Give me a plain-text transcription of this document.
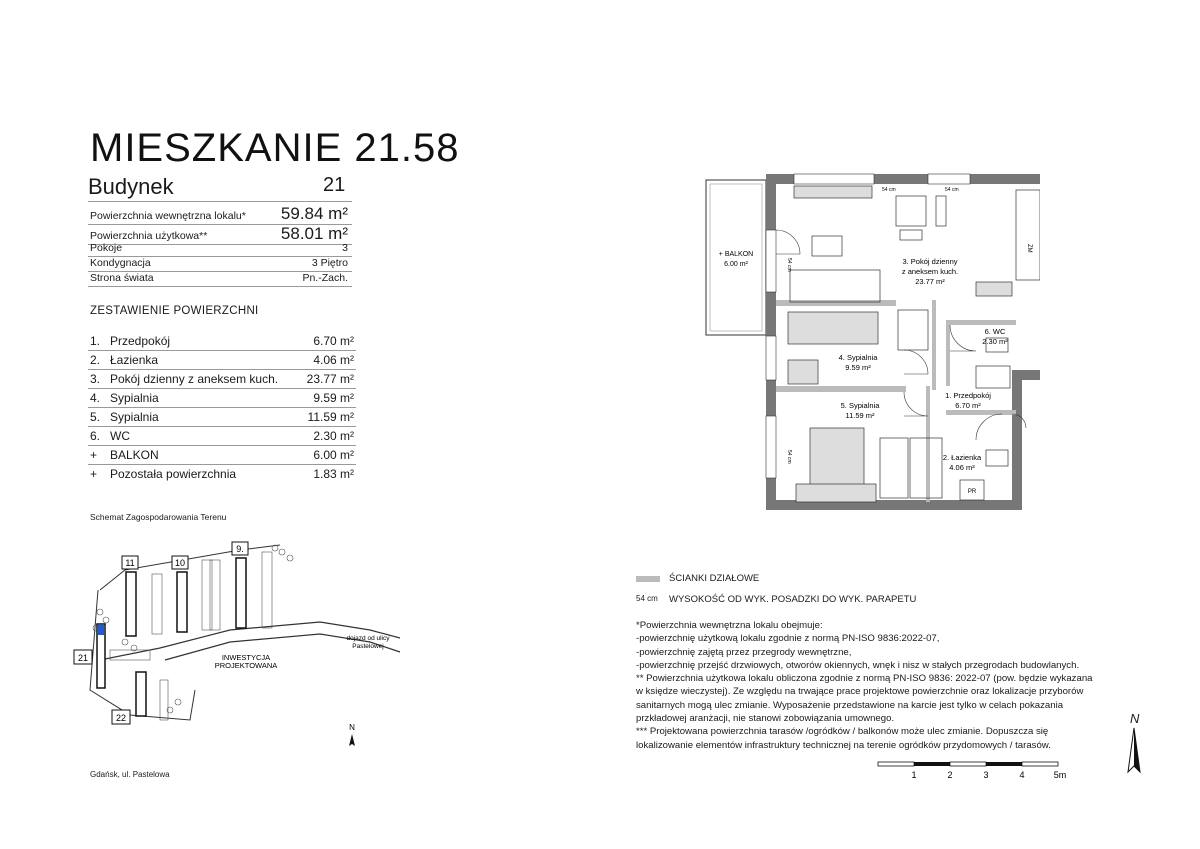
MIESZKANIE 21.58
Budynek	21
Powierzchnia wewnętrzna lokalu* 59.84 m²
Powierzchnia użytkowa**	58.01 m²
Pokoje	3
Kondygnacja	3 Piętro
Strona świata	Pn.-Zach.
ZESTAWIENIE POWIERZCHNI
1. Przedpokój	6.70 m²
2. Łazienka	4.06 m²
3. Pokój dzienny z aneksem kuch. 23.77 m²
4. Sypialnia	9.59 m²
5. Sypialnia	11.59 m²
6. WC	2.30 m²
+ BALKON	6.00 m²
+ Pozostała powierzchnia	1.83 m²
Schemat Zagospodarowania Terenu
11	10
9.
21
22
INWESTYCJA
PROJEKTOWANA
dojazd od ulicy
Pastelowej
N
Gdańsk, ul. Pastelowa
+ BALKON
6.00 m²	3. Pokój dzienny
z aneksem kuch.
23.77 m²
6. WC
2.30 m²
4. Sypialnia
9.59 m²
1. Przedpokój
6.70 m²
5. Sypialnia
11.59 m²
2. Łazienka
4.06 m²
54 cm	54 cm
54 cm
54 cm
ZM
PR
N
1	2	3	4	5m
ŚCIANKI DZIAŁOWE
54 cm WYSOKOŚĆ OD WYK. POSADZKI DO WYK. PARAPETU
*Powierzchnia wewnętrzna lokalu obejmuje:
-powierzchnię użytkową lokalu zgodnie z normą PN-ISO 9836:2022-07,
-powierzchnię zajętą przez przegrody wewnętrzne,
-powierzchnię przejść drzwiowych, otworów okiennych, wnęk i nisz w stałych przegrodach budowlanych.
** Powierzchnia użytkowa lokalu obliczona zgodnie z normą PN-ISO 9836: 2022-07 (pow. będzie wykazana
w księdze wieczystej). Ze względu na trwające prace projektowe powierzchnie oraz lokalizacje przyborów
sanitarnych mogą ulec zmianie. Wyposażenie przedstawione na karcie jest tylko w celach pokazania
przkładowej aranżacji, nie stanowi zobowiązania umownego.
*** Projektowana powierzchnia tarasów /ogródków / balkonów może ulec zmianie. Dopuszcza się
lokalizowanie elementów infrastruktury technicznej na terenie ogródków przydomowych / tarasów.
